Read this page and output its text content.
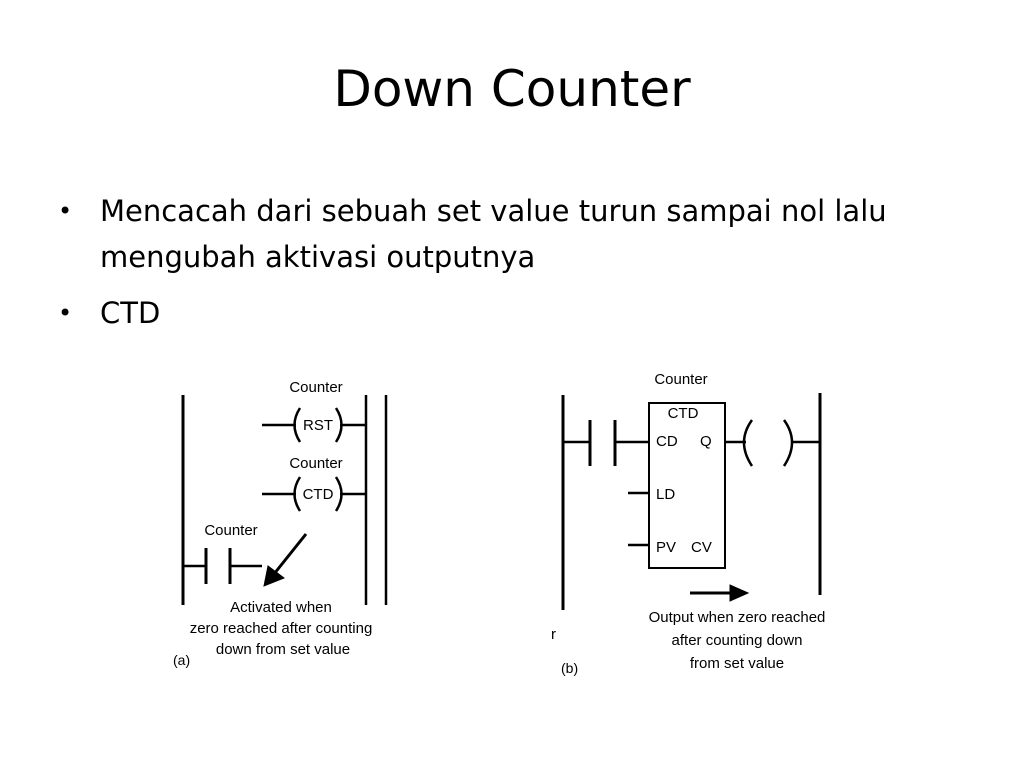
Down Counter
• Mencacah dari sebuah set value turun sampai nol lalu mengubah aktivasi outputnya
• CTD
Counter
RST
Counter
CTD
Counter
Activated when
zero reached after counting
down from set value
(a)
Counter
CTD
CD Q
LD
PV CV
r
Output when zero reached
after counting down
from set value
(b)
